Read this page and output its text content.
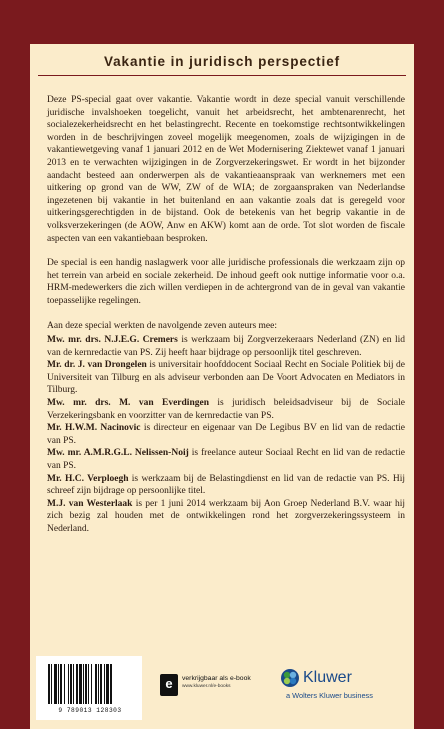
Vakantie in juridisch perspectief

Deze PS-special gaat over vakantie. Vakantie wordt in deze special vanuit verschillende juridische invalshoeken toegelicht, vanuit het arbeidsrecht, het ambtenarenrecht, het socialezekerheidsrecht en het belastingrecht. Recente en toekomstige rechtsontwikkelingen worden in de beschrijvingen zoveel mogelijk meegenomen, zoals de wijzigingen in de vakantiewetgeving vanaf 1 januari 2012 en de Wet Modernisering Ziektewet vanaf 1 januari 2013 en te verwachten wijzigingen in de Zorgverzekeringswet. Er wordt in het bijzonder aandacht besteed aan onderwerpen als de vakantieaanspraak van werknemers met een uitkering op grond van de WW, ZW of de WIA; de zorgaanspraken van Nederlandse ingezetenen bij vakantie in het buitenland en aan vakantie zoals dat is geregeld voor uitkeringsgerechtigden in de bijstand. Ook de betekenis van het begrip vakantie in de volksverzekeringen (de AOW, Anw en AKW) komt aan de orde. Tot slot worden de fiscale aspecten van een vakantiebaan besproken.

De special is een handig naslagwerk voor alle juridische professionals die werkzaam zijn op het terrein van arbeid en sociale zekerheid. De inhoud geeft ook nuttige informatie voor o.a. HRM-medewerkers die zich willen verdiepen in de achtergrond van de in geval van vakantie toepasselijke regelingen.

Aan deze special werkten de navolgende zeven auteurs mee:

Mw. mr. drs. N.J.E.G. Cremers is werkzaam bij Zorgverzekeraars Nederland (ZN) en lid van de kernredactie van PS. Zij heeft haar bijdrage op persoonlijk titel geschreven.

Mr. dr. J. van Drongelen is universitair hoofddocent Sociaal Recht en Sociale Politiek bij de Universiteit van Tilburg en als adviseur verbonden aan De Voort Advocaten en Mediators in Tilburg.

Mw. mr. drs. M. van Everdingen is juridisch beleidsadviseur bij de Sociale Verzekeringsbank en voorzitter van de kernredactie van PS.

Mr. H.W.M. Nacinovic is directeur en eigenaar van De Legibus BV en lid van de redactie van PS.

Mw. mr. A.M.R.G.L. Nelissen-Noij is freelance auteur Sociaal Recht en lid van de redactie van PS.

Mr. H.C. Verploegh is werkzaam bij de Belastingdienst en lid van de redactie van PS. Hij schreef zijn bijdrage op persoonlijke titel.

M.J. van Westerlaak is per 1 juni 2014 werkzaam bij Aon Groep Nederland B.V. waar hij zich bezig zal houden met de ontwikkelingen rond het zorgverzekeringssysteem in Nederland.

9 789013 128303
e	verkrijgbaar als e-book
www.kluwer.nl/e-books
Kluwer
a Wolters Kluwer business
